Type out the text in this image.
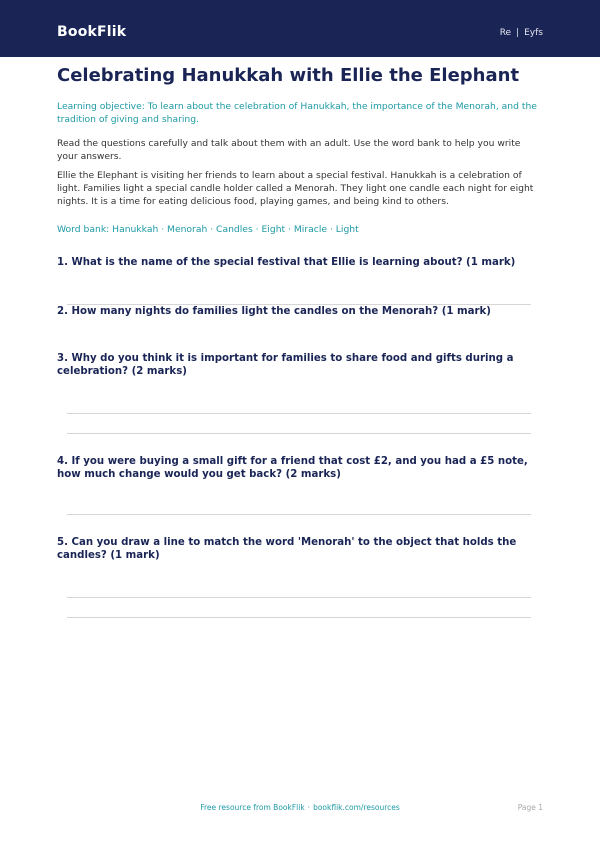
BookFlik	Re | Eyfs
Celebrating Hanukkah with Ellie the Elephant
Learning objective: To learn about the celebration of Hanukkah, the importance of the Menorah, and the tradition of giving and sharing.
Read the questions carefully and talk about them with an adult. Use the word bank to help you write your answers.
Ellie the Elephant is visiting her friends to learn about a special festival. Hanukkah is a celebration of light. Families light a special candle holder called a Menorah. They light one candle each night for eight nights. It is a time for eating delicious food, playing games, and being kind to others.
Word bank: Hanukkah · Menorah · Candles · Eight · Miracle · Light
1. What is the name of the special festival that Ellie is learning about? (1 mark)
2. How many nights do families light the candles on the Menorah? (1 mark)
3. Why do you think it is important for families to share food and gifts during a celebration? (2 marks)
4. If you were buying a small gift for a friend that cost £2, and you had a £5 note, how much change would you get back? (2 marks)
5. Can you draw a line to match the word 'Menorah' to the object that holds the candles? (1 mark)
Free resource from BookFlik · bookflik.com/resources	Page 1
